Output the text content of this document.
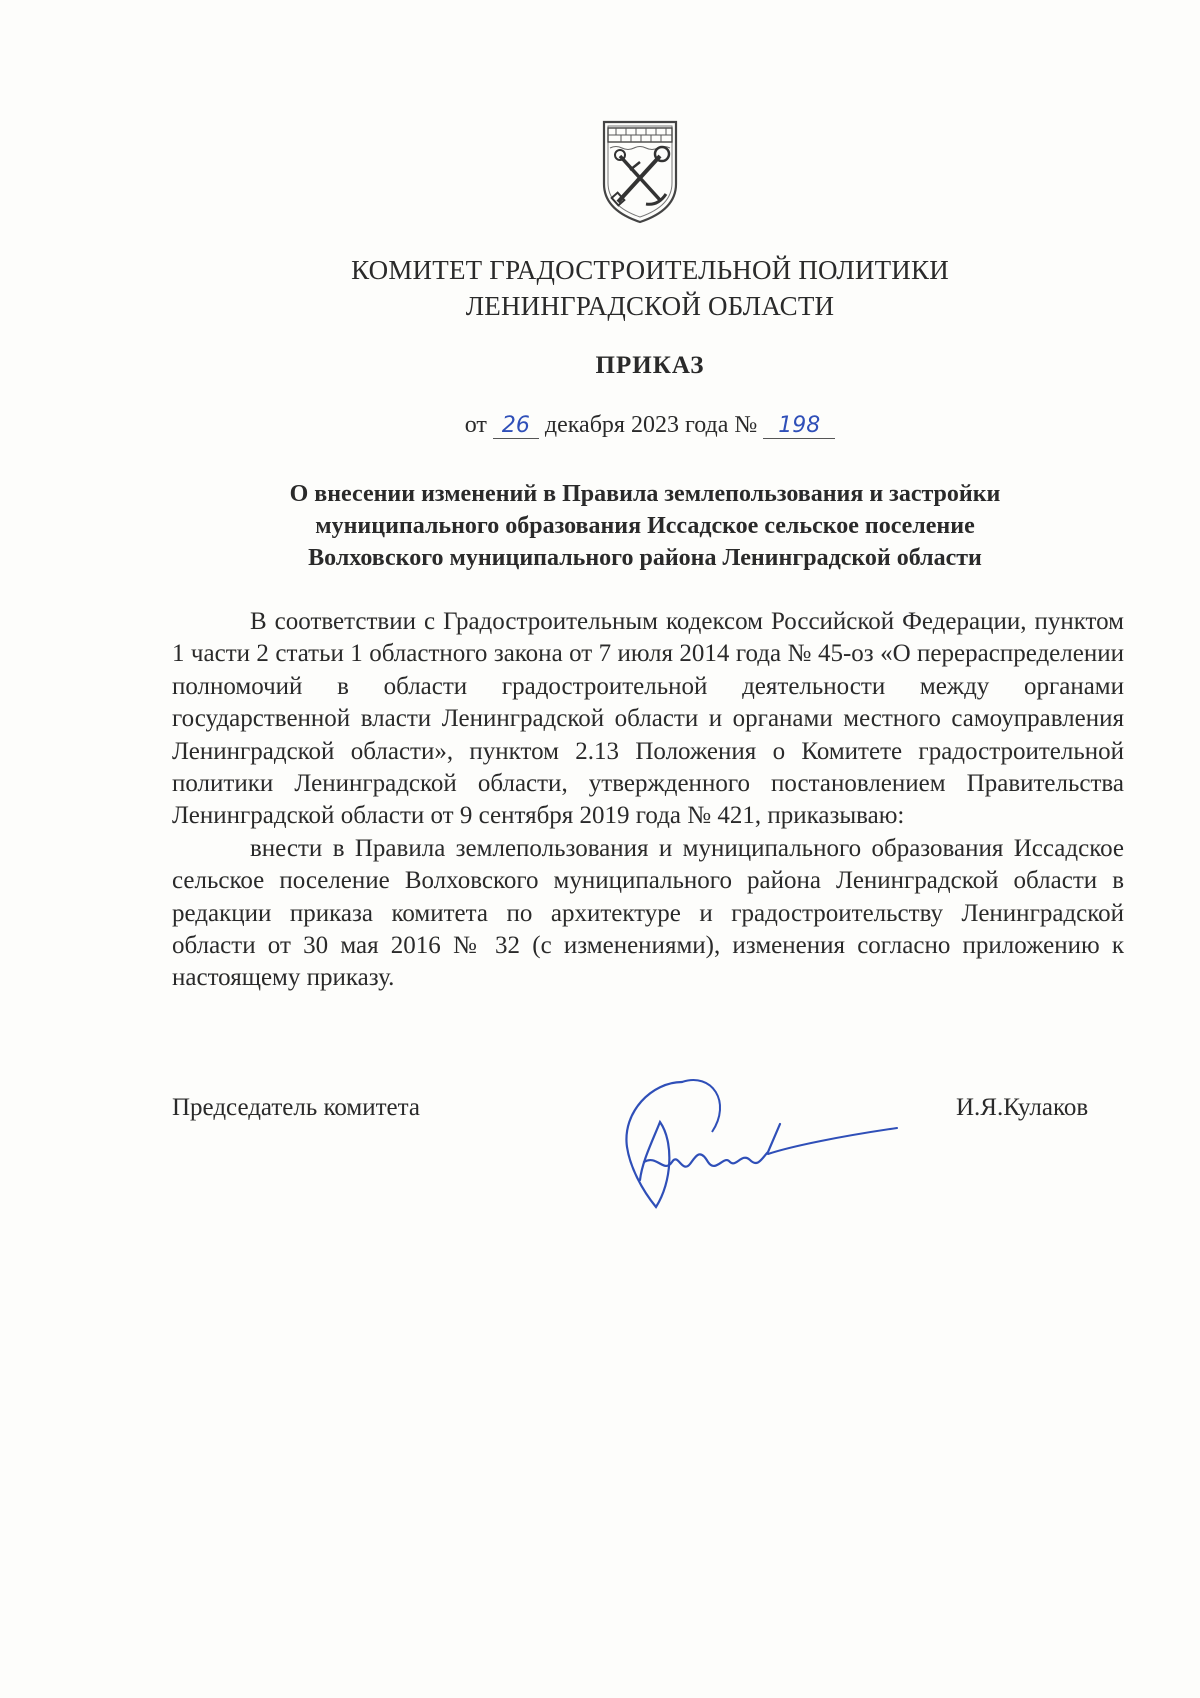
КОМИТЕТ ГРАДОСТРОИТЕЛЬНОЙ ПОЛИТИКИ
ЛЕНИНГРАДСКОЙ ОБЛАСТИ
ПРИКАЗ
от 26 декабря 2023 года № 198
О внесении изменений в Правила землепользования и застройки
муниципального образования Иссадское сельское поселение
Волховского муниципального района Ленинградской области

В соответствии с Градостроительным кодексом Российской Федерации, пунктом 1 части 2 статьи 1 областного закона от 7 июля 2014 года № 45-оз «О перераспределении полномочий в области градостроительной деятельности между органами государственной власти Ленинградской области и органами местного самоуправления Ленинградской области», пунктом 2.13 Положения о Комитете градостроительной политики Ленинградской области, утвержденного постановлением Правительства Ленинградской области от 9 сентября 2019 года № 421, приказываю:

внести в Правила землепользования и муниципального образования Иссадское сельское поселение Волховского муниципального района Ленинградской области в редакции приказа комитета по архитектуре и градостроительству Ленинградской области от 30 мая 2016 № 32 (с изменениями), изменения согласно приложению к настоящему приказу.

Председатель комитета	И.Я.Кулаков
